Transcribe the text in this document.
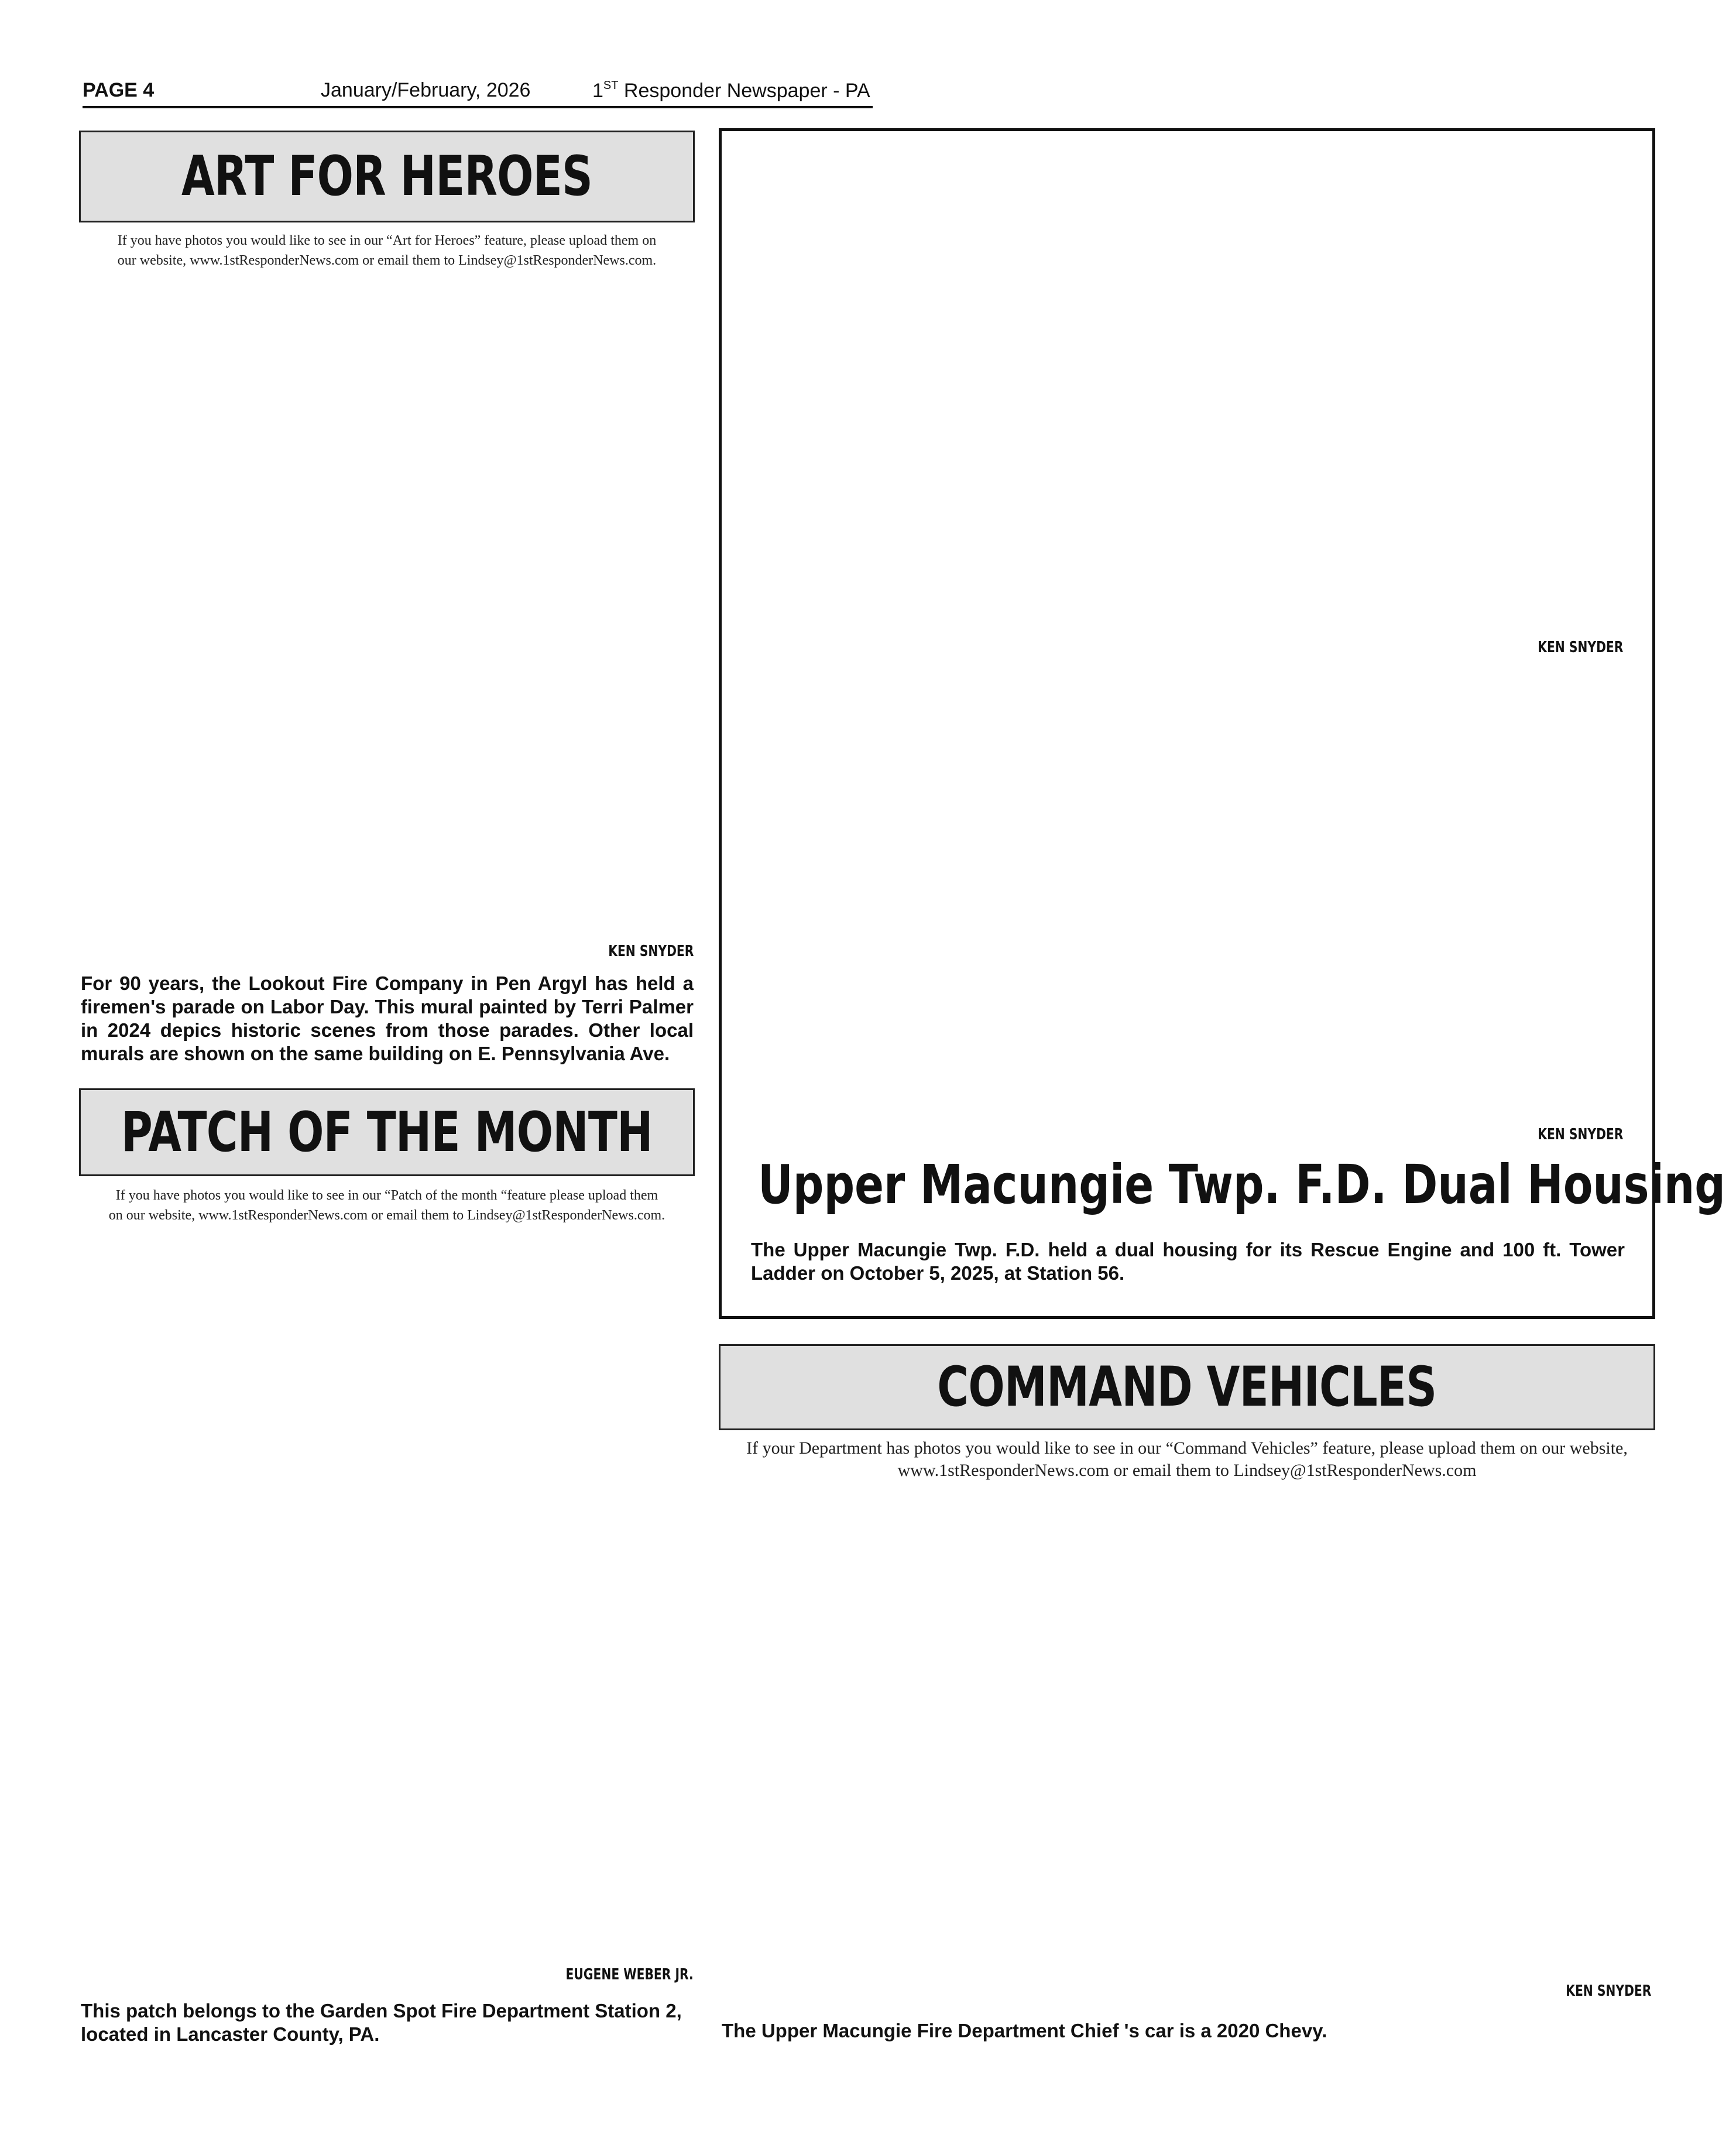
PAGE 4	January/February, 2026	1ST Responder Newspaper - PA
ART FOR HEROES
If you have photos you would like to see in our “Art for Heroes” feature, please upload them on
our website, www.1stResponderNews.com or email them to Lindsey@1stResponderNews.com.
KEN SNYDER
For 90 years, the Lookout Fire Company in Pen Argyl has held a firemen's parade on Labor Day. This mural painted by Terri Palmer in 2024 depics historic scenes from those parades. Other local murals are shown on the same building on E. Pennsylvania Ave.
PATCH OF THE MONTH
If you have photos you would like to see in our “Patch of the month “feature please upload them
on our website, www.1stResponderNews.com or email them to Lindsey@1stResponderNews.com.
EUGENE WEBER JR.
This patch belongs to the Garden Spot Fire Department Station 2, located in Lancaster County, PA.
KEN SNYDER
KEN SNYDER
Upper Macungie Twp. F.D. Dual Housing
The Upper Macungie Twp. F.D. held a dual housing for its Rescue Engine and 100 ft. Tower Ladder on October 5, 2025, at Station 56.
COMMAND VEHICLES
If your Department has photos you would like to see in our “Command Vehicles” feature, please upload them on our website,
www.1stResponderNews.com or email them to Lindsey@1stResponderNews.com
KEN SNYDER
The Upper Macungie Fire Department Chief 's car is a 2020 Chevy.
